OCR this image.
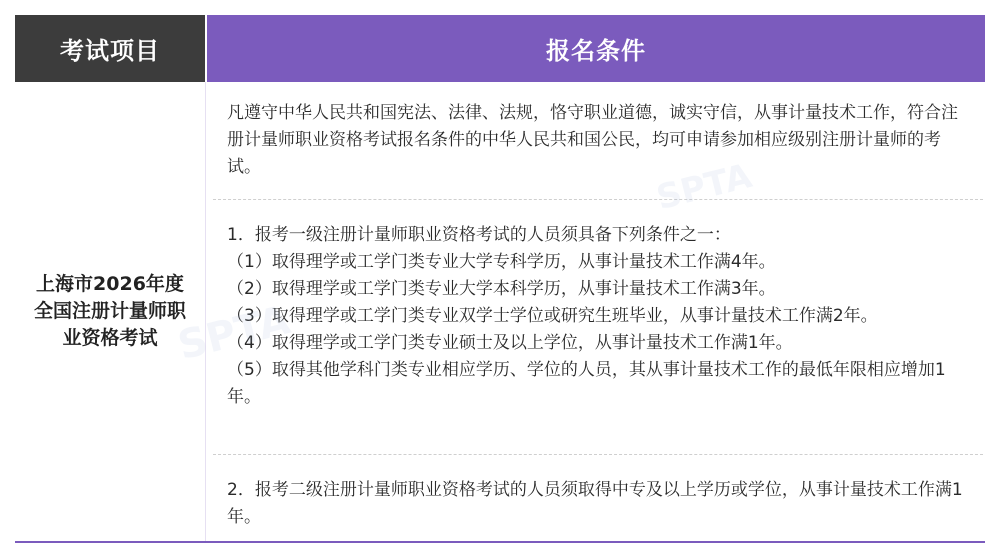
考试项目	报名条件
上海市2026年度全国注册计量师职业资格考试
凡遵守中华人民共和国宪法、法律、法规，恪守职业道德，诚实守信，从事计量技术工作，符合注册计量师职业资格考试报名条件的中华人民共和国公民，均可申请参加相应级别注册计量师的考试。
1．报考一级注册计量师职业资格考试的人员须具备下列条件之一：
（1）取得理学或工学门类专业大学专科学历，从事计量技术工作满4年。
（2）取得理学或工学门类专业大学本科学历，从事计量技术工作满3年。
（3）取得理学或工学门类专业双学士学位或研究生班毕业，从事计量技术工作满2年。
（4）取得理学或工学门类专业硕士及以上学位，从事计量技术工作满1年。
（5）取得其他学科门类专业相应学历、学位的人员，其从事计量技术工作的最低年限相应增加1年。
2．报考二级注册计量师职业资格考试的人员须取得中专及以上学历或学位，从事计量技术工作满1年。
SPTA
SPTA
